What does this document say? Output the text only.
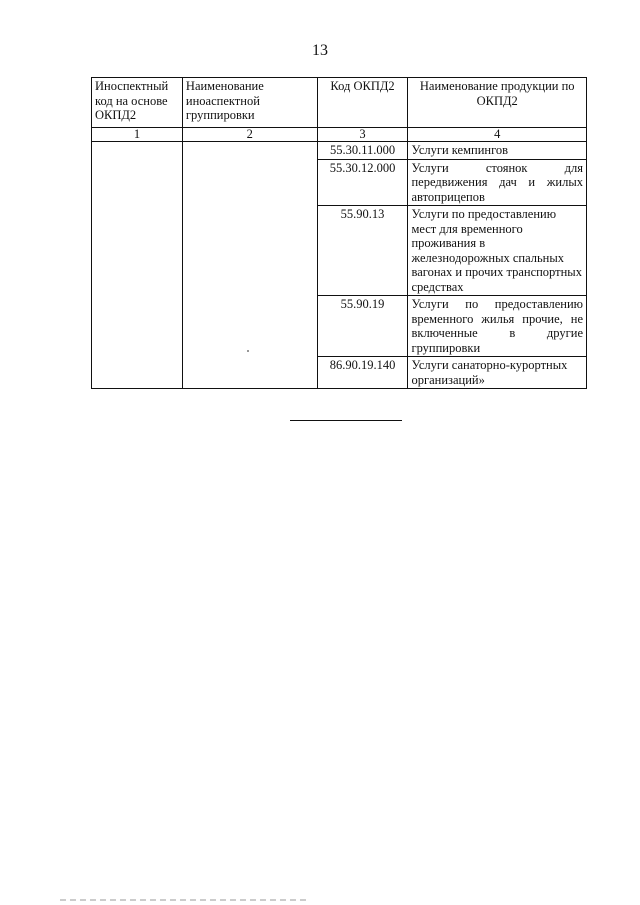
13
Иноспектный код на основе ОКПД2	Наименование иноаспектной группировки	Код ОКПД2	Наименование продукции по ОКПД2
1	2	3	4
		55.30.11.000	Услуги кемпингов
		55.30.12.000	Услуги стоянок для передвижения дач и жилых автоприцепов
		55.90.13	Услуги по предоставлению мест для временного проживания в железнодорожных спальных вагонах и прочих транспортных средствах
		55.90.19	Услуги по предоставлению временного жилья прочие, не включенные в другие группировки
		86.90.19.140	Услуги санаторно-курортных организаций»
